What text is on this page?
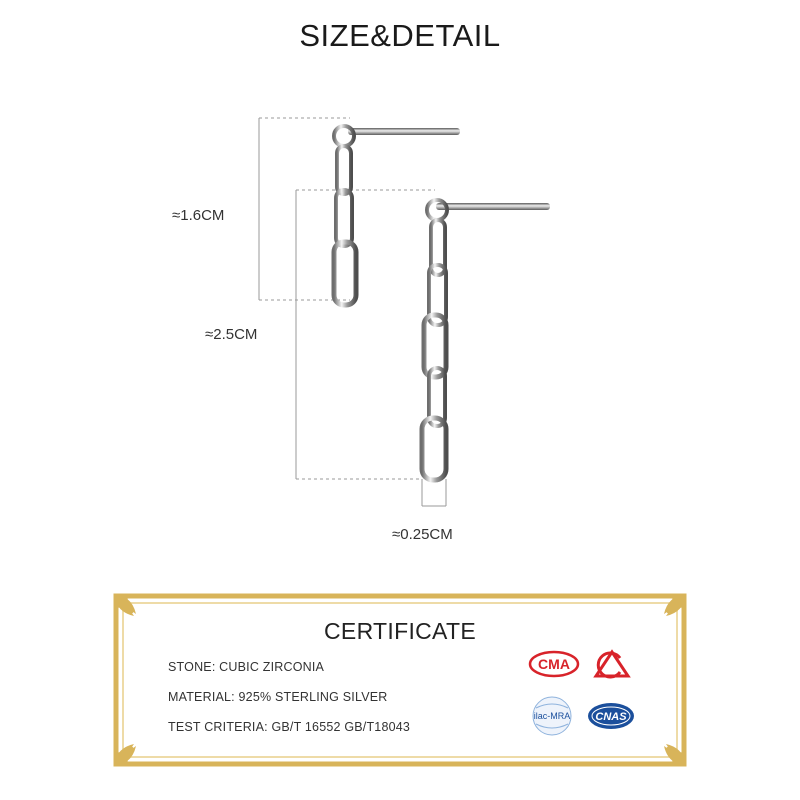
SIZE&DETAIL
≈1.6CM
≈2.5CM
≈0.25CM
CERTIFICATE
STONE: CUBIC ZIRCONIA
MATERIAL: 925% STERLING SILVER
TEST CRITERIA: GB/T 16552 GB/T18043
CMA
ilac-MRA CNAS
